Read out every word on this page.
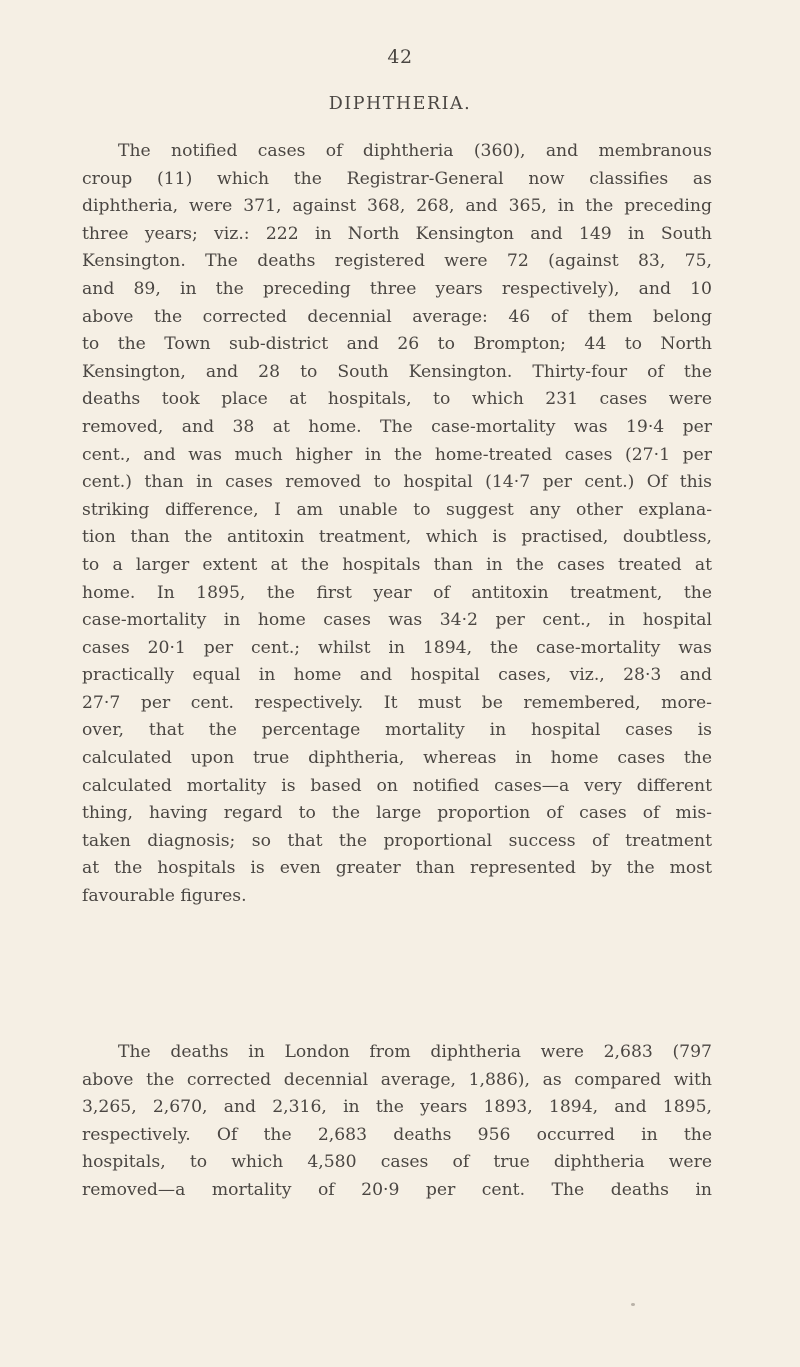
42
DIPHTHERIA.

The notified cases of diphtheria (360), and membranous
croup (11) which the Registrar-General now classifies as
diphtheria, were 371, against 368, 268, and 365, in the preceding
three years; viz.: 222 in North Kensington and 149 in South
Kensington. The deaths registered were 72 (against 83, 75,
and 89, in the preceding three years respectively), and 10
above the corrected decennial average: 46 of them belong
to the Town sub-district and 26 to Brompton; 44 to North
Kensington, and 28 to South Kensington. Thirty-four of the
deaths took place at hospitals, to which 231 cases were
removed, and 38 at home. The case-mortality was 19·4 per
cent., and was much higher in the home-treated cases (27·1 per
cent.) than in cases removed to hospital (14·7 per cent.) Of this
striking difference, I am unable to suggest any other explana-
tion than the antitoxin treatment, which is practised, doubtless,
to a larger extent at the hospitals than in the cases treated at
home. In 1895, the first year of antitoxin treatment, the
case-mortality in home cases was 34·2 per cent., in hospital
cases 20·1 per cent.; whilst in 1894, the case-mortality was
practically equal in home and hospital cases, viz., 28·3 and
27·7 per cent. respectively. It must be remembered, more-
over, that the percentage mortality in hospital cases is
calculated upon true diphtheria, whereas in home cases the
calculated mortality is based on notified cases—a very different
thing, having regard to the large proportion of cases of mis-
taken diagnosis; so that the proportional success of treatment
at the hospitals is even greater than represented by the most
favourable figures.

The deaths in London from diphtheria were 2,683 (797
above the corrected decennial average, 1,886), as compared with
3,265, 2,670, and 2,316, in the years 1893, 1894, and 1895,
respectively. Of the 2,683 deaths 956 occurred in the
hospitals, to which 4,580 cases of true diphtheria were
removed—a mortality of 20·9 per cent. The deaths in
